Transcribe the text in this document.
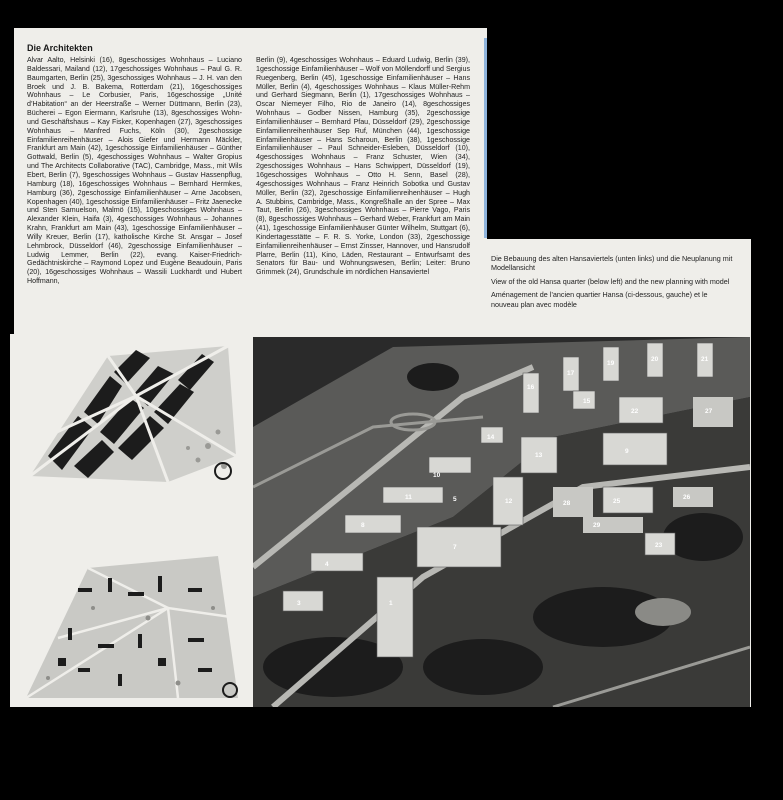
Die Architekten

Alvar Aalto, Helsinki (16), 8geschossiges Wohnhaus – Luciano Baldessari, Mailand (12), 17geschossiges Wohnhaus – Paul G. R. Baumgarten, Berlin (25), 3geschossiges Wohnhaus – J. H. van den Broek und J. B. Bakema, Rotterdam (21), 16geschossiges Wohnhaus – Le Corbusier, Paris, 16geschossige „Unité d’Habitation“ an der Heerstraße – Werner Düttmann, Berlin (23), Bücherei – Egon Eiermann, Karlsruhe (13), 8geschossiges Wohn- und Geschäftshaus – Kay Fisker, Kopenhagen (27), 3geschossiges Wohnhaus – Manfred Fuchs, Köln (30), 2geschossige Einfamilienreihenhäuser – Alois Giefer und Hermann Mäckler, Frankfurt am Main (42), 1geschossige Einfamilienhäuser – Günther Gottwald, Berlin (5), 4geschossiges Wohnhaus – Walter Gropius und The Architects Collaborative (TAC), Cambridge, Mass., mit Wils Ebert, Berlin (7), 9geschossiges Wohnhaus – Gustav Hassenpflug, Hamburg (18), 16geschossiges Wohnhaus – Bernhard Hermkes, Hamburg (36), 2geschossige Einfamilienhäuser – Arne Jacobsen, Kopenhagen (40), 1geschossige Einfamilienhäuser – Fritz Jaenecke und Sten Samuelson, Malmö (15), 10geschossiges Wohnhaus – Alexander Klein, Haifa (3), 4geschossiges Wohnhaus – Johannes Krahn, Frankfurt am Main (43), 1geschossige Einfamilienhäuser – Willy Kreuer, Berlin (17), katholische Kirche St. Ansgar – Josef Lehmbrock, Düsseldorf (46), 2geschossige Einfamilienhäuser – Ludwig Lemmer, Berlin (22), evang. Kaiser-Friedrich-Gedächtniskirche – Raymond Lopez und Eugène Beaudouin, Paris (20), 16geschossiges Wohnhaus – Wassili Luckhardt und Hubert Hoffmann,

Berlin (9), 4geschossiges Wohnhaus – Eduard Ludwig, Berlin (39), 1geschossige Einfamilienhäuser – Wolf von Möllendorff und Sergius Ruegenberg, Berlin (45), 1geschossige Einfamilienhäuser – Hans Müller, Berlin (4), 4geschossiges Wohnhaus – Klaus Müller-Rehm und Gerhard Siegmann, Berlin (1), 17geschossiges Wohnhaus – Oscar Niemeyer Filho, Rio de Janeiro (14), 8geschossiges Wohnhaus – Godber Nissen, Hamburg (35), 2geschossige Einfamilienhäuser – Bernhard Pfau, Düsseldorf (29), 2geschossige Einfamilienreihenhäuser Sep Ruf, München (44), 1geschossige Einfamilienhäuser – Hans Scharoun, Berlin (38), 1geschossige Einfamilienhäuser – Paul Schneider-Esleben, Düsseldorf (10), 4geschossiges Wohnhaus – Franz Schuster, Wien (34), 2geschossiges Wohnhaus – Hans Schwippert, Düsseldorf (19), 16geschossiges Wohnhaus – Otto H. Senn, Basel (28), 4geschossiges Wohnhaus – Franz Heinrich Sobotka und Gustav Müller, Berlin (32), 2geschossige Einfamilienreihenhäuser – Hugh A. Stubbins, Cambridge, Mass., Kongreßhalle an der Spree – Max Taut, Berlin (26), 3geschossiges Wohnhaus – Pierre Vago, Paris (8), 8geschossiges Wohnhaus – Gerhard Weber, Frankfurt am Main (41), 1geschossige Einfamilienhäuser Günter Wilhelm, Stuttgart (6), Kindertagesstätte – F. R. S. Yorke, London (33), 2geschossige Einfamilienreihenhäuser – Ernst Zinsser, Hannover, und Hansrudolf Plarre, Berlin (11), Kino, Läden, Restaurant – Entwurfsamt des Senators für Bau- und Wohnungswesen, Berlin; Leiter: Bruno Grimmek (24), Grundschule im nördlichen Hansaviertel

Die Bebauung des alten Hansaviertels (unten links) und die Neuplanung mit Modellansicht

View of the old Hansa quarter (below left) and the new planning with model

Aménagement de l’ancien quartier Hansa (ci-dessous, gauche) et le nouveau plan avec modèle

1
3
4
5
7
8
9
10
11
12
13
14
15
16
17
19
20	21
22
23
25
26
27
28
29
